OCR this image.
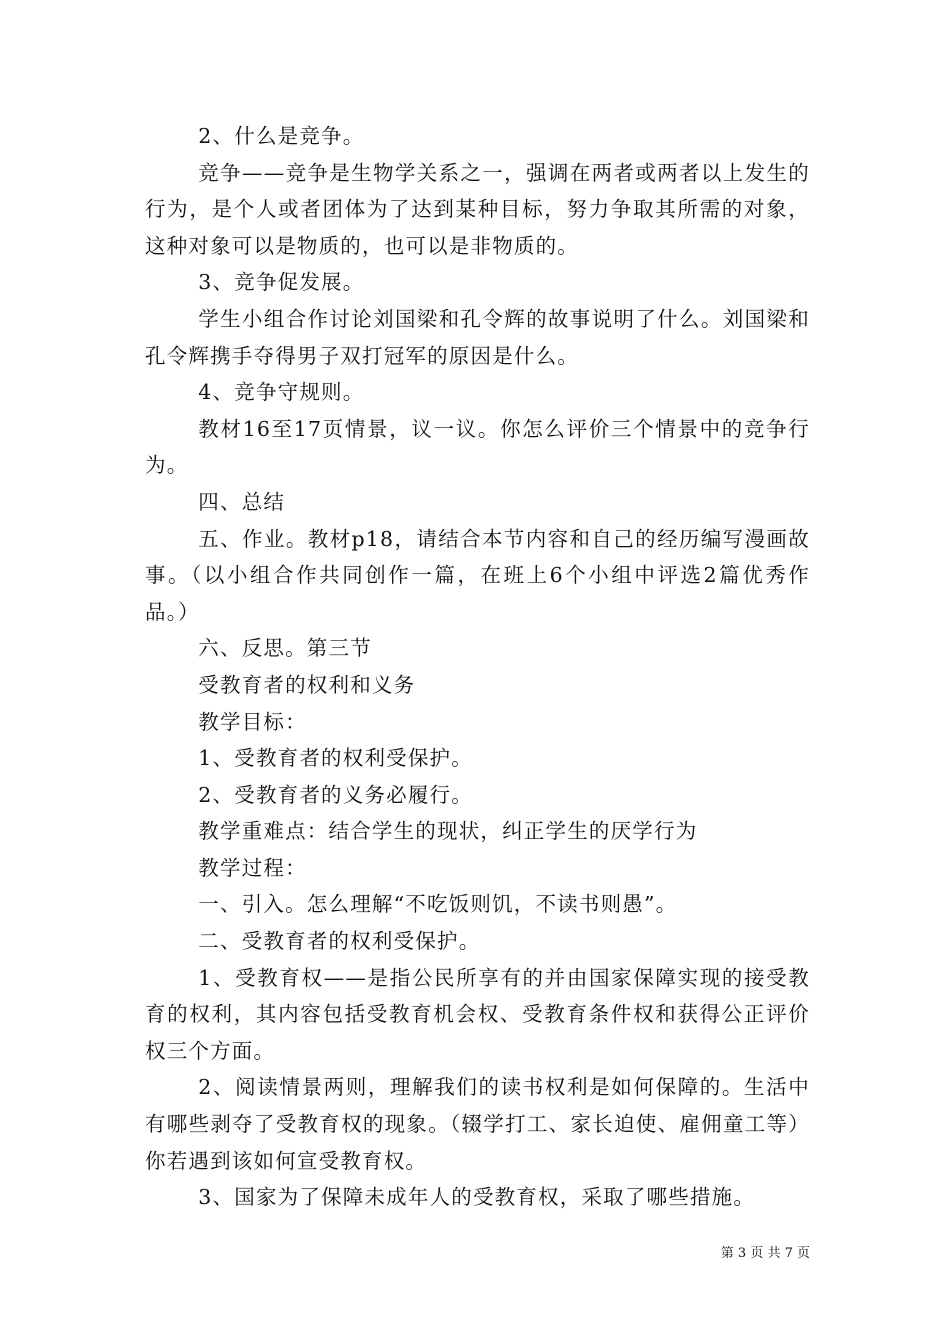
2、什么是竞争。

竞争——竞争是生物学关系之一，强调在两者或两者以上发生的行为，是个人或者团体为了达到某种目标，努力争取其所需的对象，这种对象可以是物质的，也可以是非物质的。

3、竞争促发展。

学生小组合作讨论刘国梁和孔令辉的故事说明了什么。刘国梁和孔令辉携手夺得男子双打冠军的原因是什么。

4、竞争守规则。

教材16至17页情景，议一议。你怎么评价三个情景中的竞争行为。

四、总结

五、作业。教材p18，请结合本节内容和自己的经历编写漫画故事。（以小组合作共同创作一篇，在班上6个小组中评选2篇优秀作品。）

六、反思。第三节

受教育者的权利和义务

教学目标：

1、受教育者的权利受保护。

2、受教育者的义务必履行。

教学重难点：结合学生的现状，纠正学生的厌学行为

教学过程：

一、引入。怎么理解“不吃饭则饥，不读书则愚”。

二、受教育者的权利受保护。

1、受教育权——是指公民所享有的并由国家保障实现的接受教育的权利，其内容包括受教育机会权、受教育条件权和获得公正评价权三个方面。

2、阅读情景两则，理解我们的读书权利是如何保障的。生活中有哪些剥夺了受教育权的现象。（辍学打工、家长迫使、雇佣童工等）你若遇到该如何宣受教育权。

3、国家为了保障未成年人的受教育权，采取了哪些措施。

第 3 页 共 7 页
